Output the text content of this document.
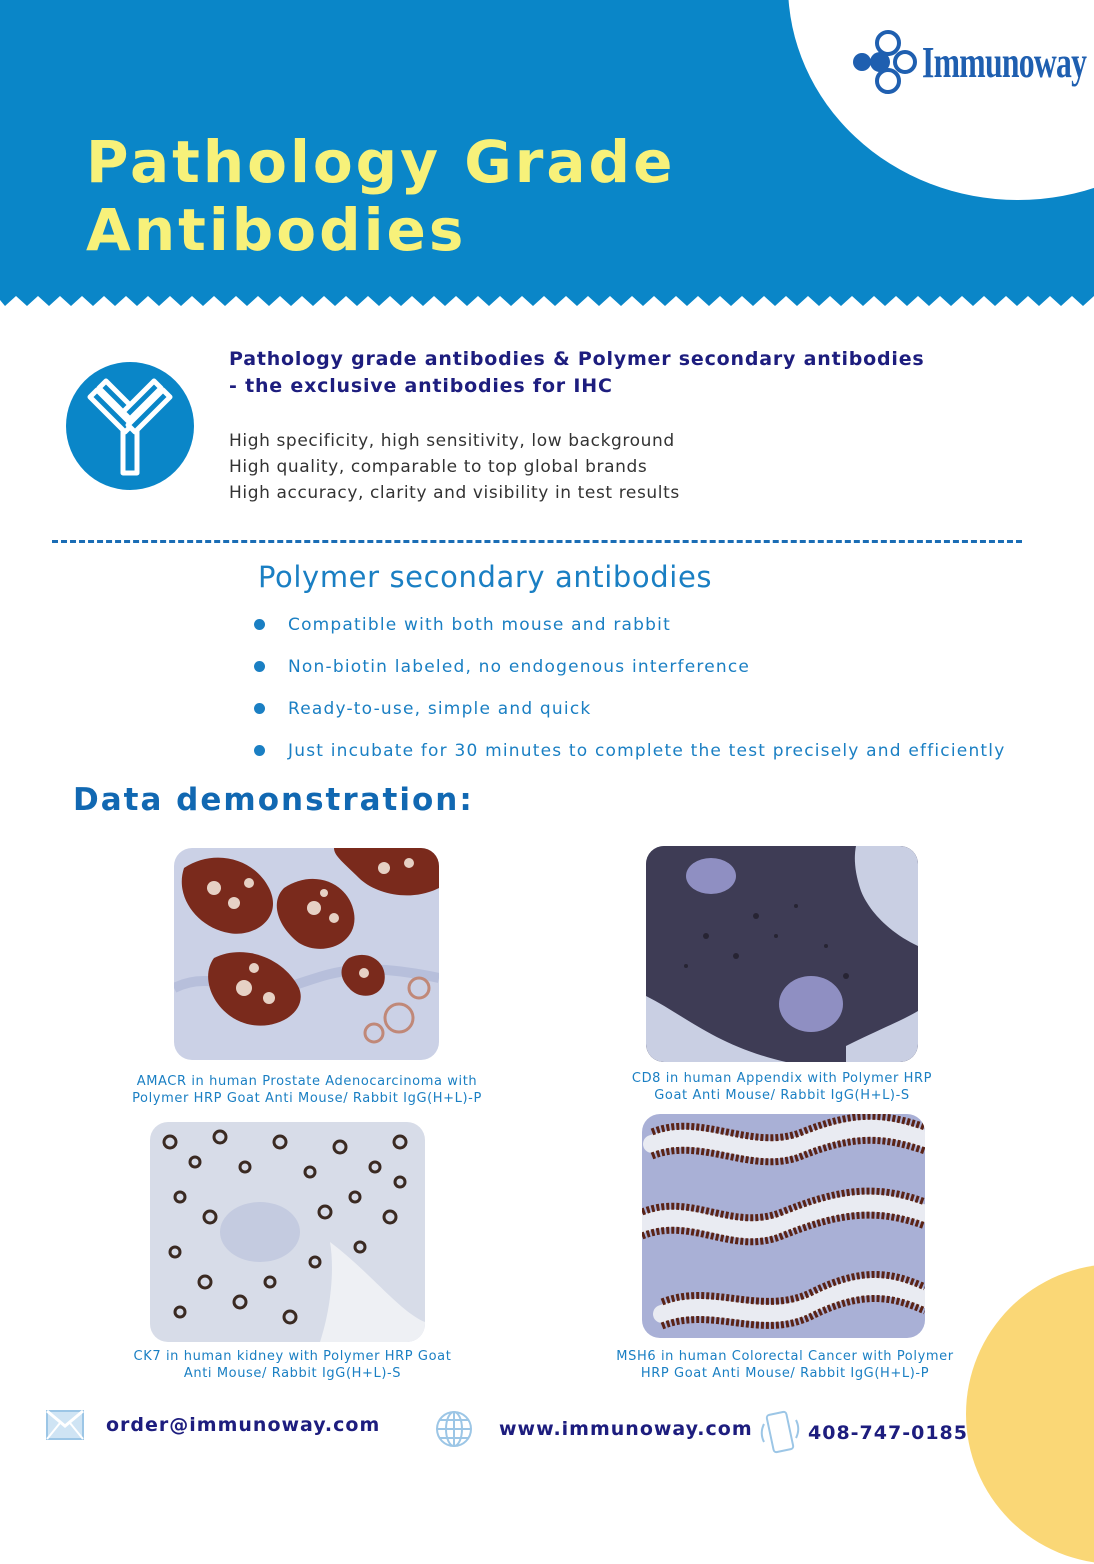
Immunoway
Pathology Grade
Antibodies
Pathology grade antibodies & Polymer secondary antibodies
- the exclusive antibodies for IHC
High specificity, high sensitivity, low background
High quality, comparable to top global brands
High accuracy, clarity and visibility in test results
Polymer secondary antibodies
Compatible with both mouse and rabbit
Non-biotin labeled, no endogenous interference
Ready-to-use, simple and quick
Just incubate for 30 minutes to complete the test precisely and efficiently
Data demonstration:

AMACR in human Prostate Adenocarcinoma with
Polymer HRP Goat Anti Mouse/ Rabbit IgG(H+L)-P

CD8 in human Appendix with Polymer HRP
Goat Anti Mouse/ Rabbit IgG(H+L)-S

CK7 in human kidney with Polymer HRP Goat
Anti Mouse/ Rabbit IgG(H+L)-S

MSH6 in human Colorectal Cancer with Polymer
HRP Goat Anti Mouse/ Rabbit IgG(H+L)-P

order@immunoway.com	www.immunoway.com	408-747-0185
